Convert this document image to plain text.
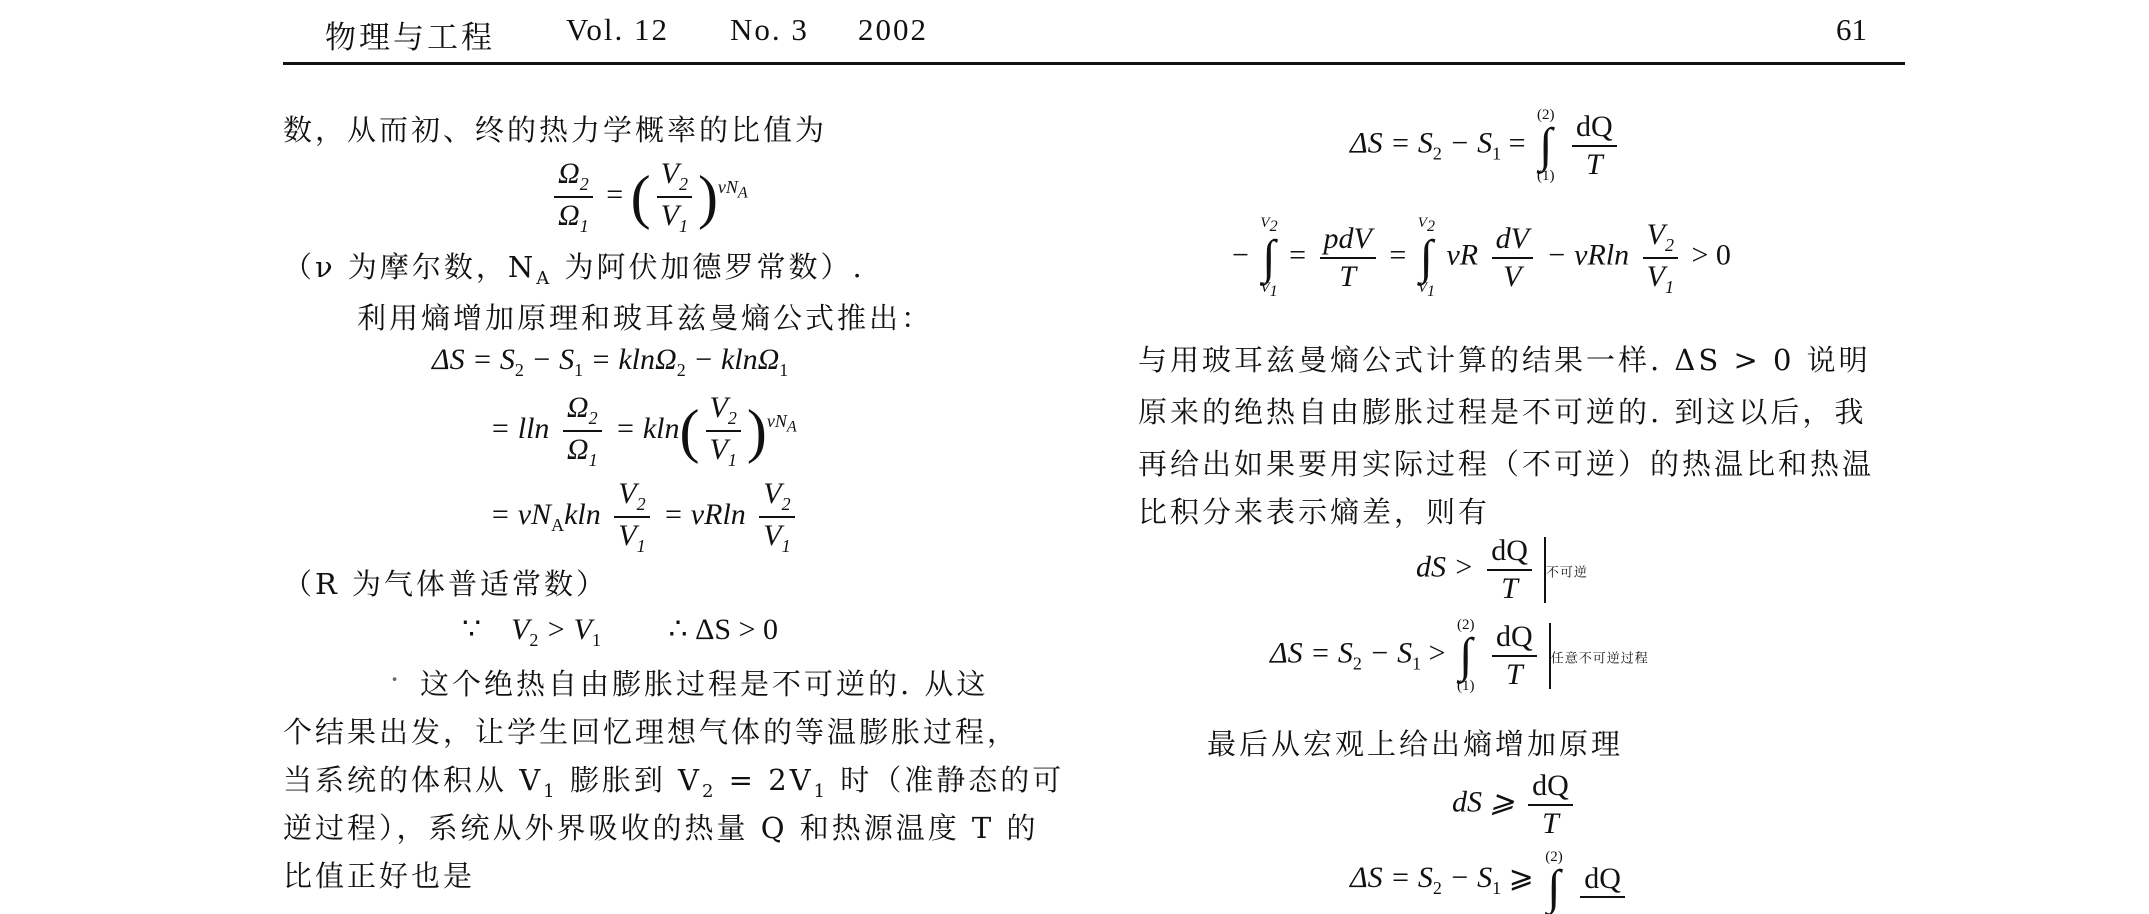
物理与工程 Vol. 12 No. 3 2002	61
数，从而初、终的热力学概率的比值为
$\frac{\Omega_2}{\Omega_1}$ = ( $\frac{V_2}{V_1} )^{\nu NA}$
（ν 为摩尔数，$N_A$ 为阿伏加德罗常数）.
利用熵增加原理和玻耳兹曼熵公式推出：
$\Delta S = S_2 - S_1 = kln\Omega_2 - kln\Omega_1$
= lln $\frac{\Omega_2}{\Omega_1} = kln( \frac{V_2}{V_1} )^{\nu NA}$
= $\nu N_Akln \frac{V_2}{V_1} = \nu Rln \frac{V_2}{V_1}$
（R 为气体普适常数）
∵ $V_2 > V_1$ ∴ ΔS > 0
· 这个绝热自由膨胀过程是不可逆的. 从这
个结果出发，让学生回忆理想气体的等温膨胀过程，
当系统的体积从 $V_1$ 膨胀到 $V_2 = 2V_1$ 时（准静态的可
逆过程），系统从外界吸收的热量 Q 和热源温度 T 的
比值正好也是
$\Delta S = S_2 - S_1$ =
(2)
∫
(1)
$\frac{dQ}{T}$
−
V2
∫
V1
= $\frac{\text{pdV}}{T}$ =
V2
∫
V1
νR $\frac{dV}{V} - \nu Rln \frac{V_2}{V_1} > 0$
与用玻耳兹曼熵公式计算的结果一样. ΔS > 0 说明
原来的绝热自由膨胀过程是不可逆的. 到这以后，我
再给出如果要用实际过程（不可逆）的热温比和热温
比积分来表示熵差，则有
dS > $\frac{dQ}{T}$ 不可逆
$\Delta S = S_2 - S_1$ >
(2)
∫
(1)
$\frac{dQ}{T}$ 任意不可逆过程
最后从宏观上给出熵增加原理
dS ⩾ $\frac{dQ}{T}$
$\Delta S = S_2 - S_1$ ⩾
(2)
∫
dQ
